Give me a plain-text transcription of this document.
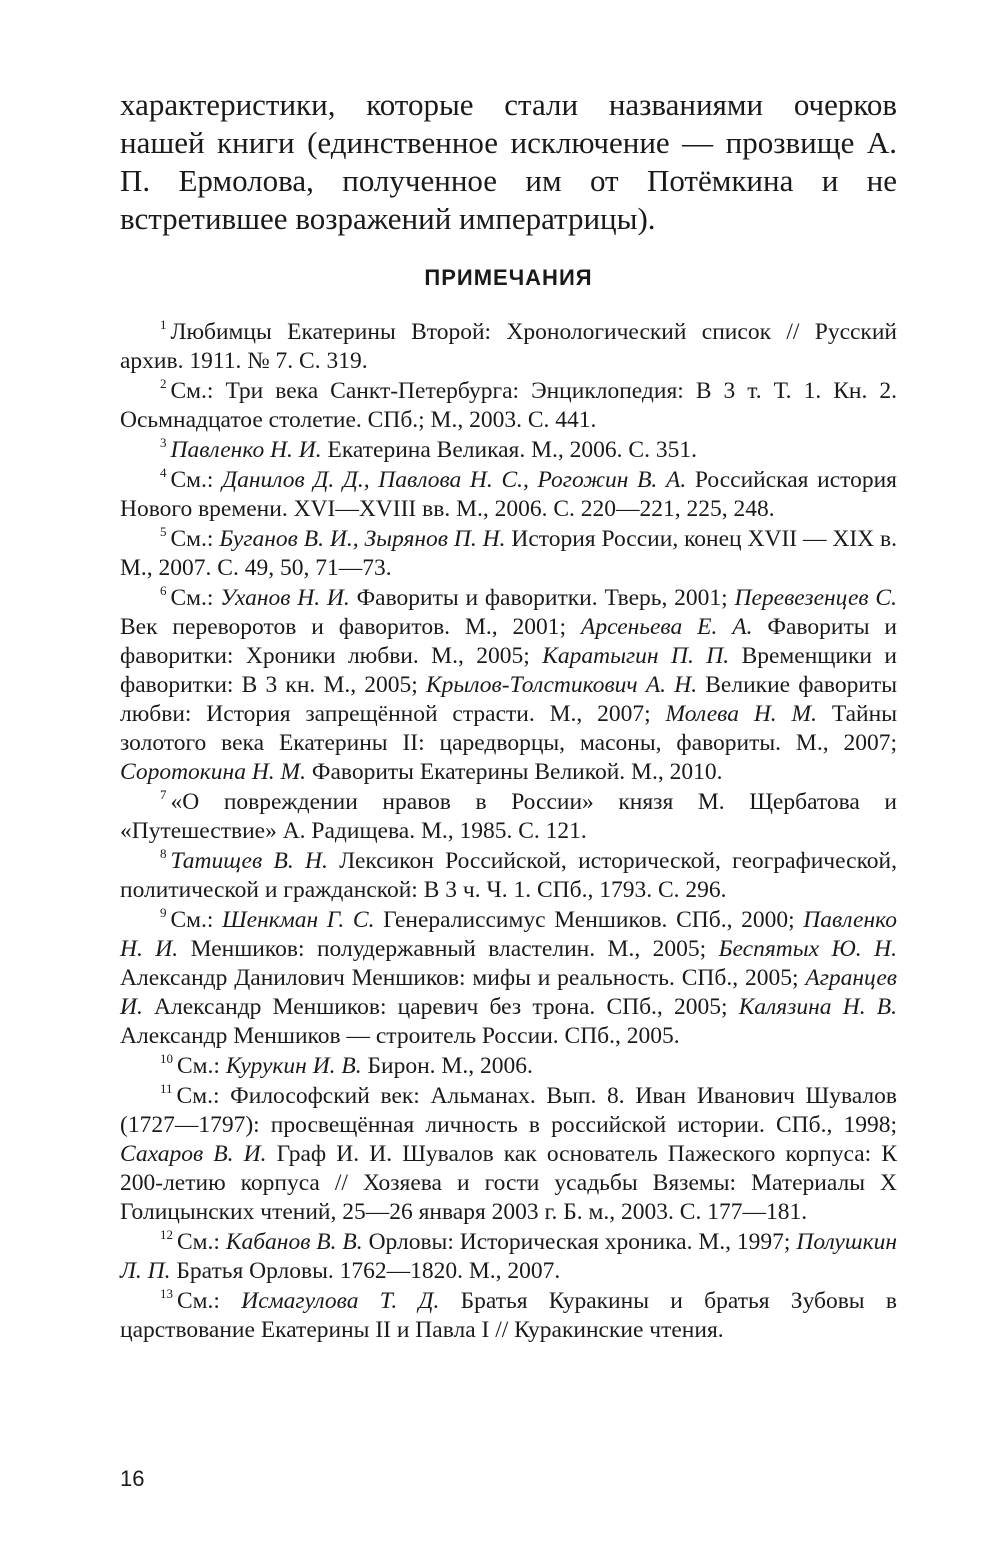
характеристики, которые стали названиями очерков нашей книги (единственное исключение — прозвище А. П. Ермолова, полученное им от Потёмкина и не встретившее возражений императрицы).

ПРИМЕЧАНИЯ
$^1$ Любимцы Екатерины Второй: Хронологический список // Русский архив. 1911. № 7. С. 319.
$^2$ См.: Три века Санкт-Петербурга: Энциклопедия: В 3 т. Т. 1. Кн. 2. Осьмнадцатое столетие. СПб.; М., 2003. С. 441.
$^3$ Павленко Н. И. Екатерина Великая. М., 2006. С. 351.
$^4$ См.: Данилов Д. Д., Павлова Н. С., Рогожин В. А. Российская история Нового времени. XVI—XVIII вв. М., 2006. С. 220—221, 225, 248.
$^5$ См.: Буганов В. И., Зырянов П. Н. История России, конец XVII — XIX в. М., 2007. С. 49, 50, 71—73.
$^6$ См.: Уханов Н. И. Фавориты и фаворитки. Тверь, 2001; Перевезенцев С. Век переворотов и фаворитов. М., 2001; Арсеньева Е. А. Фавориты и фаворитки: Хроники любви. М., 2005; Каратыгин П. П. Временщики и фаворитки: В 3 кн. М., 2005; Крылов-Толстикович А. Н. Великие фавориты любви: История запрещённой страсти. М., 2007; Молева Н. М. Тайны золотого века Екатерины II: царедворцы, масоны, фавориты. М., 2007; Соротокина Н. М. Фавориты Екатерины Великой. М., 2010.
$^7$ «О повреждении нравов в России» князя М. Щербатова и «Путешествие» А. Радищева. М., 1985. С. 121.
$^8$ Татищев В. Н. Лексикон Российской, исторической, географической, политической и гражданской: В 3 ч. Ч. 1. СПб., 1793. С. 296.
$^9$ См.: Шенкман Г. С. Генералиссимус Меншиков. СПб., 2000; Павленко Н. И. Меншиков: полудержавный властелин. М., 2005; Беспятых Ю. Н. Александр Данилович Меншиков: мифы и реальность. СПб., 2005; Агранцев И. Александр Меншиков: царевич без трона. СПб., 2005; Калязина Н. В. Александр Меншиков — строитель России. СПб., 2005.
$^{10}$ См.: Курукин И. В. Бирон. М., 2006.
$^{11}$ См.: Философский век: Альманах. Вып. 8. Иван Иванович Шувалов (1727—1797): просвещённая личность в российской истории. СПб., 1998; Сахаров В. И. Граф И. И. Шувалов как основатель Пажеского корпуса: К 200-летию корпуса // Хозяева и гости усадьбы Вяземы: Материалы X Голицынских чтений, 25—26 января 2003 г. Б. м., 2003. С. 177—181.
$^{12}$ См.: Кабанов В. В. Орловы: Историческая хроника. М., 1997; Полушкин Л. П. Братья Орловы. 1762—1820. М., 2007.
$^{13}$ См.: Исмагулова Т. Д. Братья Куракины и братья Зубовы в царствование Екатерины II и Павла I // Куракинские чтения.
16
